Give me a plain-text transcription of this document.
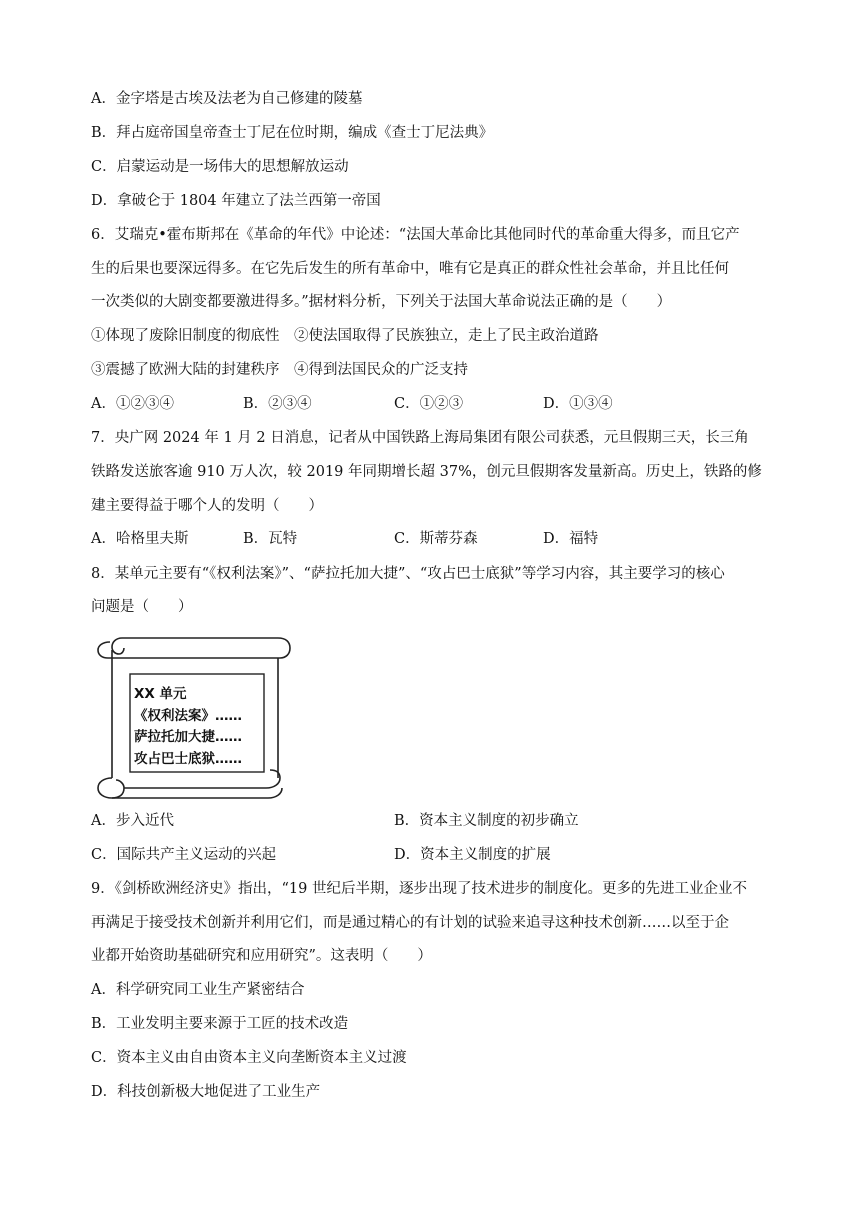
A．金字塔是古埃及法老为自己修建的陵墓
B．拜占庭帝国皇帝查士丁尼在位时期，编成《查士丁尼法典》
C．启蒙运动是一场伟大的思想解放运动
D．拿破仑于 1804 年建立了法兰西第一帝国
6．艾瑞克•霍布斯邦在《革命的年代》中论述：“法国大革命比其他同时代的革命重大得多，而且它产
生的后果也要深远得多。在它先后发生的所有革命中，唯有它是真正的群众性社会革命，并且比任何
一次类似的大剧变都要激进得多。”据材料分析，下列关于法国大革命说法正确的是（　　）
①体现了废除旧制度的彻底性　②使法国取得了民族独立，走上了民主政治道路
③震撼了欧洲大陆的封建秩序　④得到法国民众的广泛支持
A．①②③④	B．②③④	C．①②③	D．①③④
7．央广网 2024 年 1 月 2 日消息，记者从中国铁路上海局集团有限公司获悉，元旦假期三天，长三角
铁路发送旅客逾 910 万人次，较 2019 年同期增长超 37%，创元旦假期客发量新高。历史上，铁路的修
建主要得益于哪个人的发明（　　）
A．哈格里夫斯	B．瓦特	C．斯蒂芬森	D．福特
8．某单元主要有“《权利法案》”、“萨拉托加大捷”、“攻占巴士底狱”等学习内容，其主要学习的核心
问题是（　　）
XX 单元
《权利法案》……
萨拉托加大捷……
攻占巴士底狱……
A．步入近代	B．资本主义制度的初步确立
C．国际共产主义运动的兴起	D．资本主义制度的扩展
9．《剑桥欧洲经济史》指出，“19 世纪后半期，逐步出现了技术进步的制度化。更多的先进工业企业不
再满足于接受技术创新并利用它们，而是通过精心的有计划的试验来追寻这种技术创新……以至于企
业都开始资助基础研究和应用研究”。这表明（　　）
A．科学研究同工业生产紧密结合
B．工业发明主要来源于工匠的技术改造
C．资本主义由自由资本主义向垄断资本主义过渡
D．科技创新极大地促进了工业生产
